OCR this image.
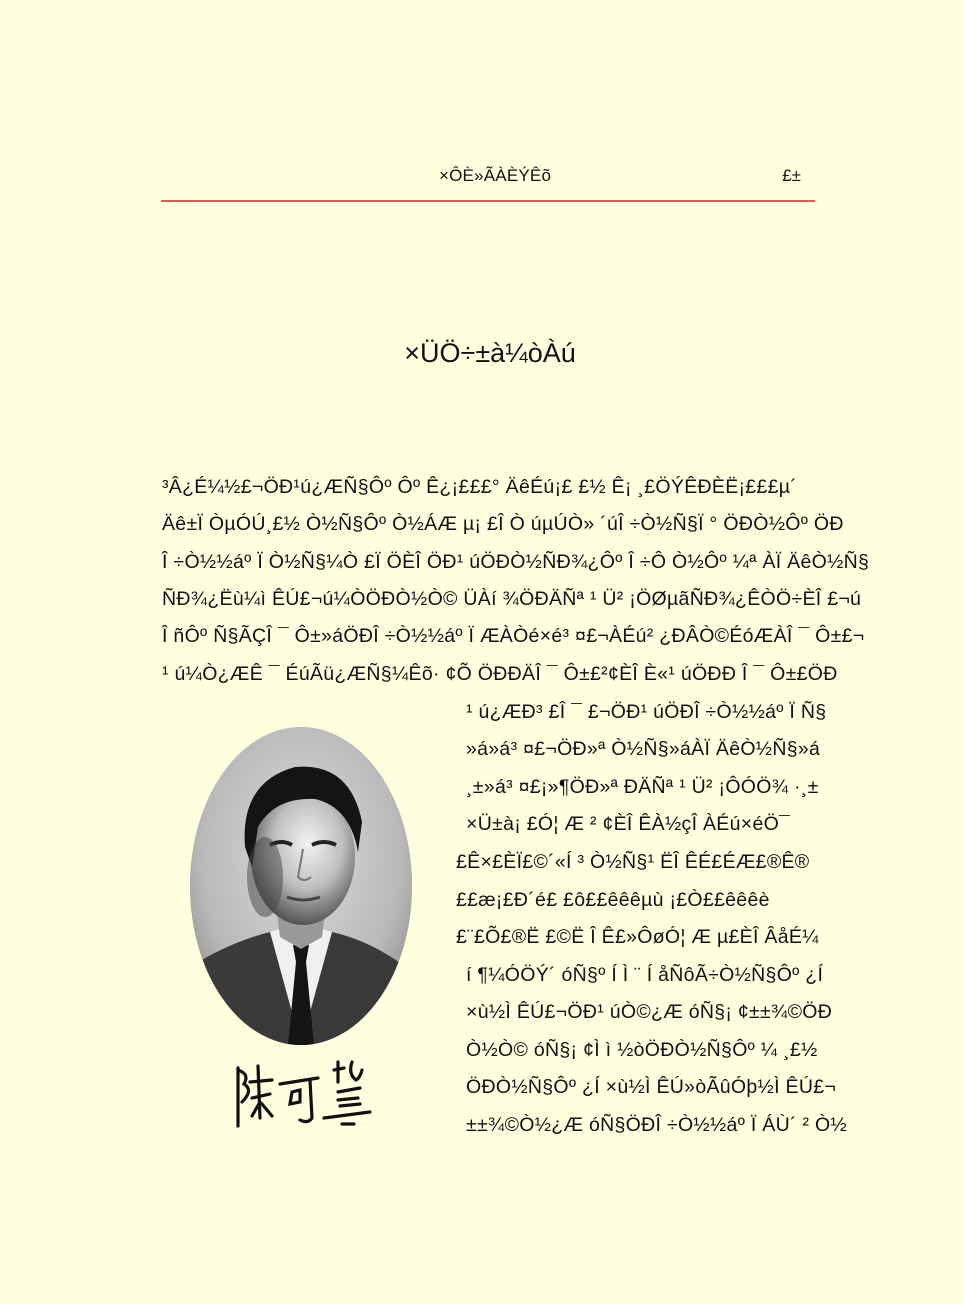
×ÔÈ»ÃÀÈÝÊõ	£±
×ÜÖ÷±à¼òÀú
³Â¿É¼½£¬ÖÐ¹ú¿ÆÑ§Ôº Ôº Ê¿¡£££° ÄêÉú¡£ £½ Ê¡ ¸£ÖÝÊÐÈË¡£££µ´
Äê±Ï ÒµÓÚ¸£½ Ò½Ñ§Ôº Ò½ÁÆ µ¡ £Î Ò úµÚÒ» ´úÎ ÷Ò½Ñ§Ï ° ÖÐÒ½Ôº ÖÐ
Î ÷Ò½½áº Ï Ò½Ñ§¼Ò £Ï ÖÈÎ ÖÐ¹ úÖÐÒ½ÑÐ¾¿Ôº Î ÷Ô Ò½Ôº ¼ª ÀÏ ÄêÒ½Ñ§
ÑÐ¾¿Ëù¼ì ÊÚ£¬ú¼ÒÖÐÒ½Ò© ÜÀí ¾ÖÐÄÑª ¹ Ü² ¡ÖØµãÑÐ¾¿ÊÒÖ÷ÈÎ £¬ú
Î ñÔº Ñ§ÃÇÎ ¯ Ô±»áÖÐÎ ÷Ò½½áº Ï ÆÀÒé×é³ ¤£¬ÀÉú² ¿ÐÂÒ©ÉóÆÀÎ ¯ Ô±£¬
¹ ú¼Ò¿ÆÊ ¯ ÉúÃü¿ÆÑ§¼Êõ· ¢Õ ÖÐÐÄÎ ¯ Ô±£²¢ÈÎ È«¹ úÖÐÐ Î ¯ Ô±£ÖÐ
¹ ú¿ÆÐ³ £Î ¯ £¬ÖÐ¹ úÖÐÎ ÷Ò½½áº Ï Ñ§
»á»á³ ¤£¬ÖÐ»ª Ò½Ñ§»áÀÏ ÄêÒ½Ñ§»á
¸±»á³ ¤£¡»¶ÖÐ»ª ÐÄÑª ¹ Ü² ¡ÔÓÖ¾ ·¸±
×Ü±à¡ £Ó¦ Æ ² ¢ÈÎ ÊÀ½çÎ ÀÉú×éÖ¯
£Ê×£ÈÏ£©´«Í ³ Ò½Ñ§¹ ËÎ ÊÉ£ÉÆ£®Ê®
££æ¡£Ð´é£ £ô££êêêµù ¡£Ò££êêêè
£¨£Õ£®Ë £©Ë Î Ê£»ÔøÓ¦ Æ µ£ÈÎ ÂåÉ¼
í ¶¼ÓÖÝ´ óÑ§º Í Ì ¨ Í åÑôÃ÷Ò½Ñ§Ôº ¿Í
×ù½Ì ÊÚ£¬ÖÐ¹ úÒ©¿Æ óÑ§¡ ¢±±¾©ÖÐ
Ò½Ò© óÑ§¡ ¢Ì ì ½òÖÐÒ½Ñ§Ôº ¼ ¸£½
ÖÐÒ½Ñ§Ôº ¿Í ×ù½Ì ÊÚ»òÃûÓþ½Ì ÊÚ£¬
±±¾©Ò½¿Æ óÑ§ÖÐÎ ÷Ò½½áº Ï ÁÙ´ ² Ò½
